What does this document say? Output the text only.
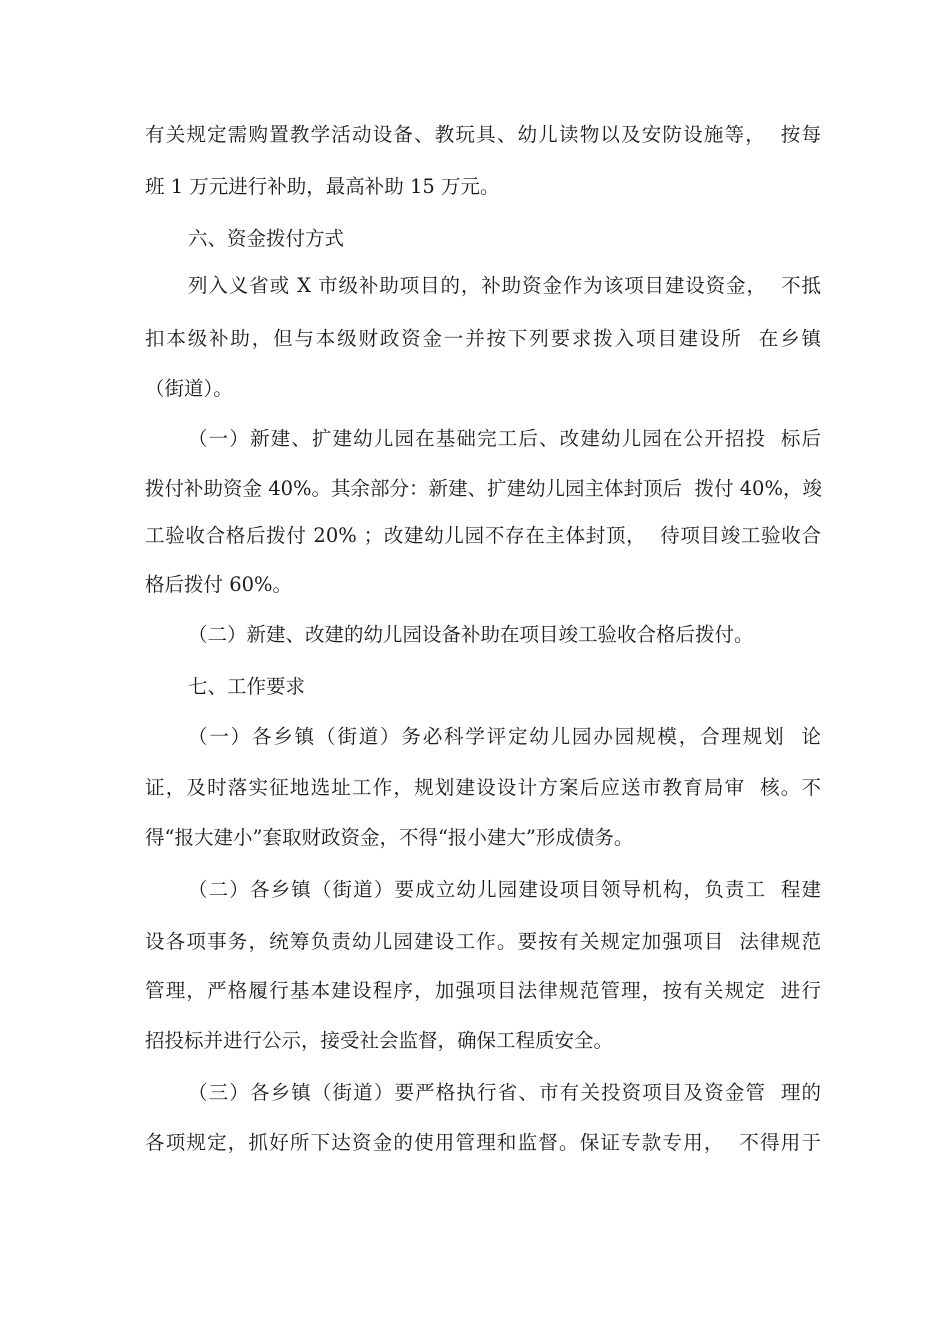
有关规定需购置教学活动设备、教玩具、幼儿读物以及安防设施等，  按每

班 1 万元进行补助，最高补助 15 万元。

六、资金拨付方式

列入义省或 X 市级补助项目的，补助资金作为该项目建设资金，  不抵

扣本级补助，但与本级财政资金一并按下列要求拨入项目建设所  在乡镇

（街道）。

（一）新建、扩建幼儿园在基础完工后、改建幼儿园在公开招投  标后

拨付补助资金 40%。其余部分：新建、扩建幼儿园主体封顶后  拨付 40%，竣

工验收合格后拨付 20% ；改建幼儿园不存在主体封顶，  待项目竣工验收合

格后拨付 60%。

（二）新建、改建的幼儿园设备补助在项目竣工验收合格后拨付。

七、工作要求

（一）各乡镇（街道）务必科学评定幼儿园办园规模，合理规划  论

证，及时落实征地选址工作，规划建设设计方案后应送市教育局审  核。不

得“报大建小”套取财政资金，不得“报小建大”形成债务。

（二）各乡镇（街道）要成立幼儿园建设项目领导机构，负责工  程建

设各项事务，统筹负责幼儿园建设工作。要按有关规定加强项目  法律规范

管理，严格履行基本建设程序，加强项目法律规范管理，按有关规定  进行

招投标并进行公示，接受社会监督，确保工程质安全。

（三）各乡镇（街道）要严格执行省、市有关投资项目及资金管  理的

各项规定，抓好所下达资金的使用管理和监督。保证专款专用，  不得用于
